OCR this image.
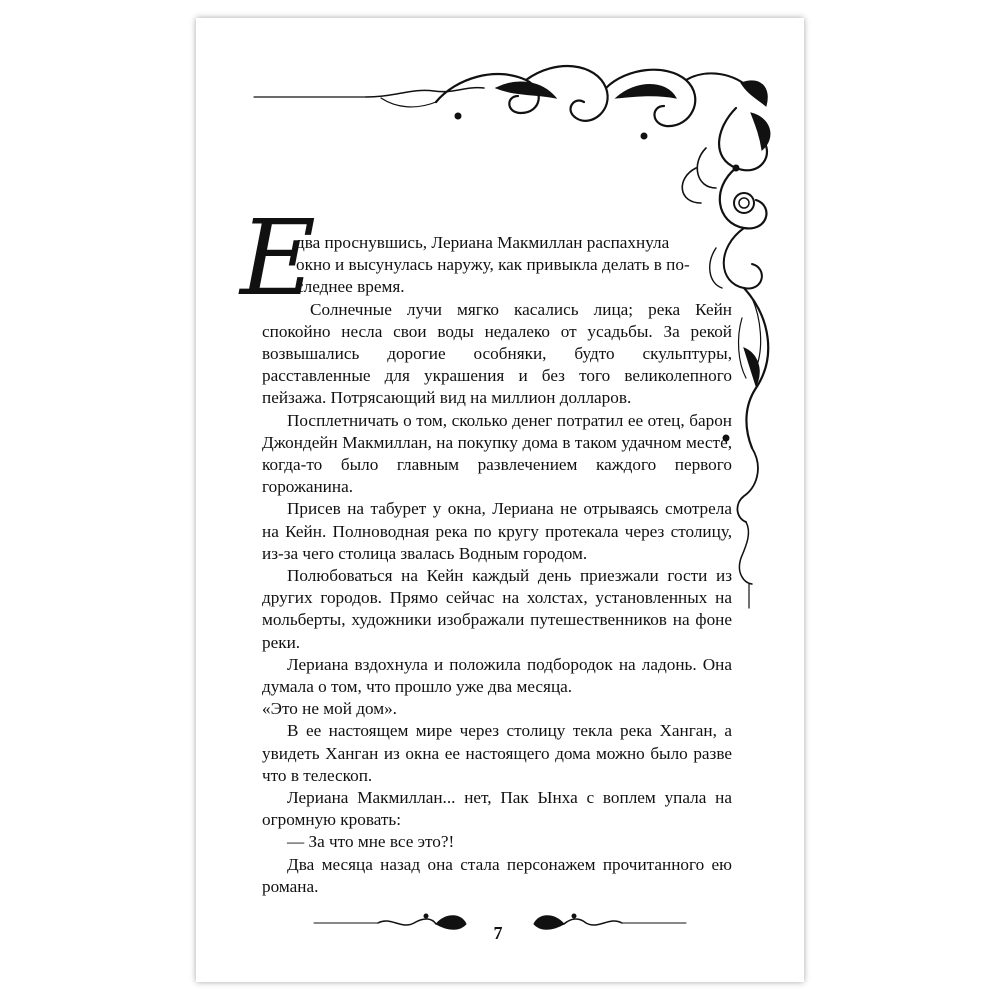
Е

два проснувшись, Лериана Макмиллан распахнула

окно и высунулась наружу, как привыкла делать в по-

следнее время.

Солнечные лучи мягко касались лица; река Кейн спокойно несла свои воды недалеко от усадьбы. За рекой возвышались дорогие особняки, будто скульптуры, расставленные для украшения и без того великолепного пейзажа. Потрясающий вид на миллион долларов.

Посплетничать о том, сколько денег потратил ее отец, барон Джондейн Макмиллан, на покупку дома в таком удачном месте, когда-то было главным развлечением каждого первого горожанина.

Присев на табурет у окна, Лериана не отрываясь смотрела на Кейн. Полноводная река по кругу протекала через столицу, из-за чего столица звалась Водным городом.

Полюбоваться на Кейн каждый день приезжали гости из других городов. Прямо сейчас на холстах, установленных на мольберты, художники изображали путешественников на фоне реки.

Лериана вздохнула и положила подбородок на ладонь. Она думала о том, что прошло уже два месяца.

«Это не мой дом».

В ее настоящем мире через столицу текла река Ханган, а увидеть Ханган из окна ее настоящего дома можно было разве что в телескоп.

Лериана Макмиллан... нет, Пак Ынха с воплем упала на огромную кровать:

— За что мне все это?!

Два месяца назад она стала персонажем прочитанного ею романа.

7
